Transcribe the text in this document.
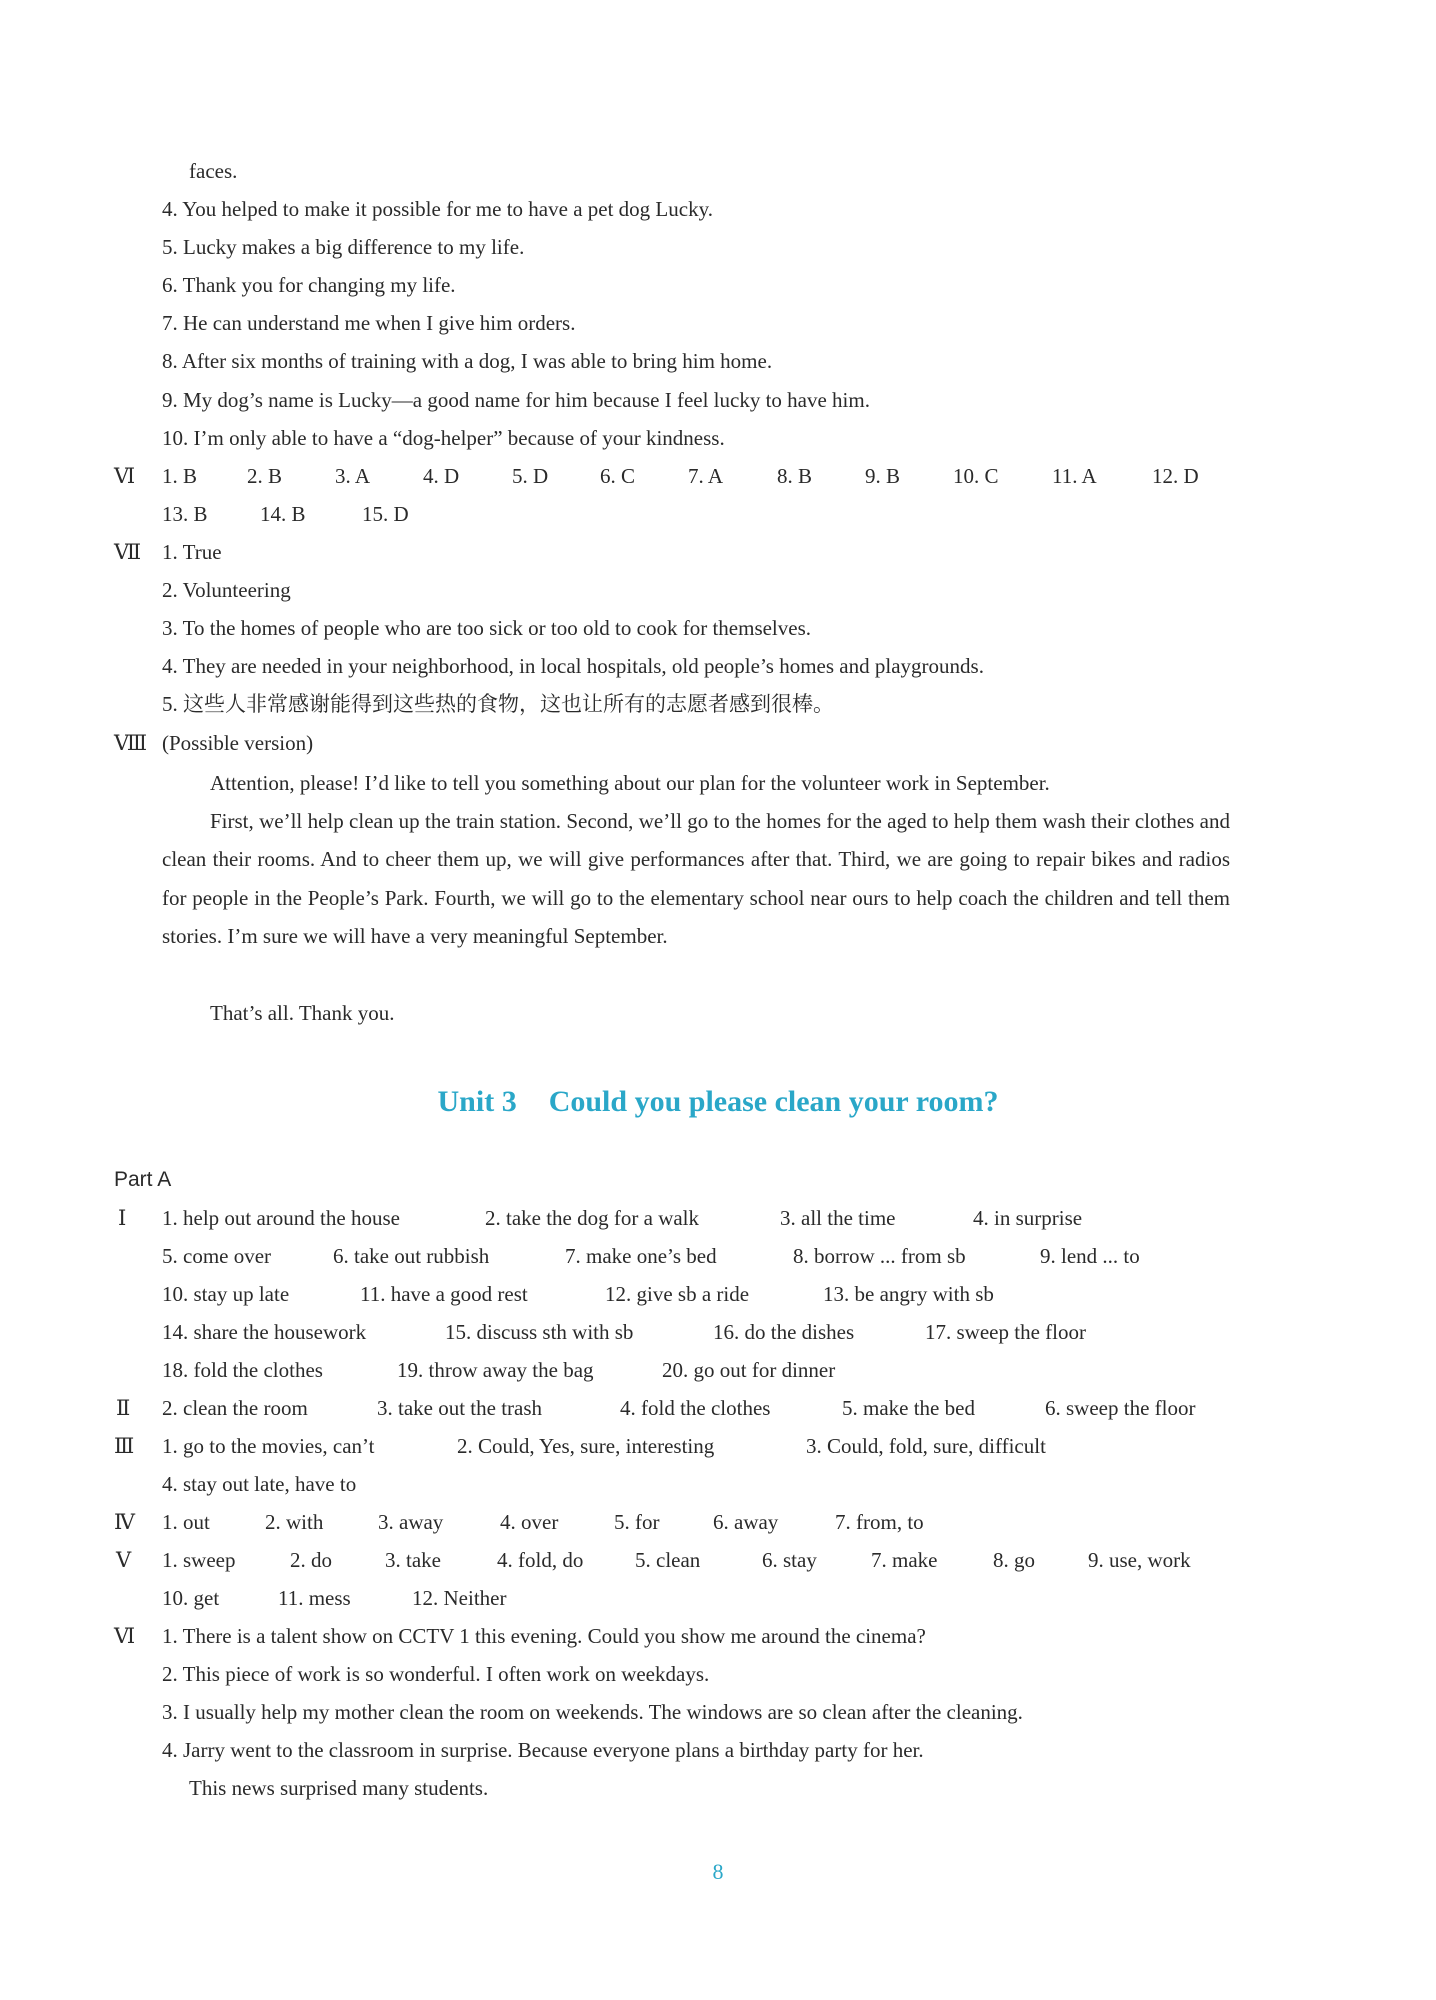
faces.
4. You helped to make it possible for me to have a pet dog Lucky.
5. Lucky makes a big difference to my life.
6. Thank you for changing my life.
7. He can understand me when I give him orders.
8. After six months of training with a dog, I was able to bring him home.
9. My dog’s name is Lucky—a good name for him because I feel lucky to have him.
10. I’m only able to have a “dog-helper” because of your kindness.
Ⅵ 1. B 2. B	3. A	4. D	5. D 6. C	7. A	8. B	9. B	10. C	11. A	12. D
13. B 14. B	15. D
Ⅶ 1. True
2. Volunteering
3. To the homes of people who are too sick or too old to cook for themselves.
4. They are needed in your neighborhood, in local hospitals, old people’s homes and playgrounds.
5. 这些人非常感谢能得到这些热的食物，这也让所有的志愿者感到很棒。
Ⅷ (Possible version)
Attention, please! I’d like to tell you something about our plan for the volunteer work in September.
First, we’ll help clean up the train station. Second, we’ll go to the homes for the aged to help them wash their clothes and clean their rooms. And to cheer them up, we will give performances after that. Third, we are going to repair bikes and radios for people in the People’s Park. Fourth, we will go to the elementary school near ours to help coach the children and tell them stories. I’m sure we will have a very meaningful September.
That’s all. Thank you.
Unit 3 Could you please clean your room?
Part A
Ⅰ 1. help out around the house	2. take the dog for a walk	3. all the time	4. in surprise
5. come over	6. take out rubbish	7. make one’s bed	8. borrow ... from sb	9. lend ... to
10. stay up late	11. have a good rest	12. give sb a ride	13. be angry with sb
14. share the housework	15. discuss sth with sb	16. do the dishes	17. sweep the floor
18. fold the clothes	19. throw away the bag	20. go out for dinner
Ⅱ 2. clean the room	3. take out the trash	4. fold the clothes	5. make the bed	6. sweep the floor
Ⅲ 1. go to the movies, can’t	2. Could, Yes, sure, interesting	3. Could, fold, sure, difficult
4. stay out late, have to
Ⅳ 1. out	2. with	3. away	4. over	5. for	6. away	7. from, to
Ⅴ 1. sweep	2. do	3. take	4. fold, do 5. clean	6. stay	7. make	8. go	9. use, work
10. get	11. mess	12. Neither
Ⅵ 1. There is a talent show on CCTV 1 this evening. Could you show me around the cinema?
2. This piece of work is so wonderful. I often work on weekdays.
3. I usually help my mother clean the room on weekends. The windows are so clean after the cleaning.
4. Jarry went to the classroom in surprise. Because everyone plans a birthday party for her.
This news surprised many students.
8
